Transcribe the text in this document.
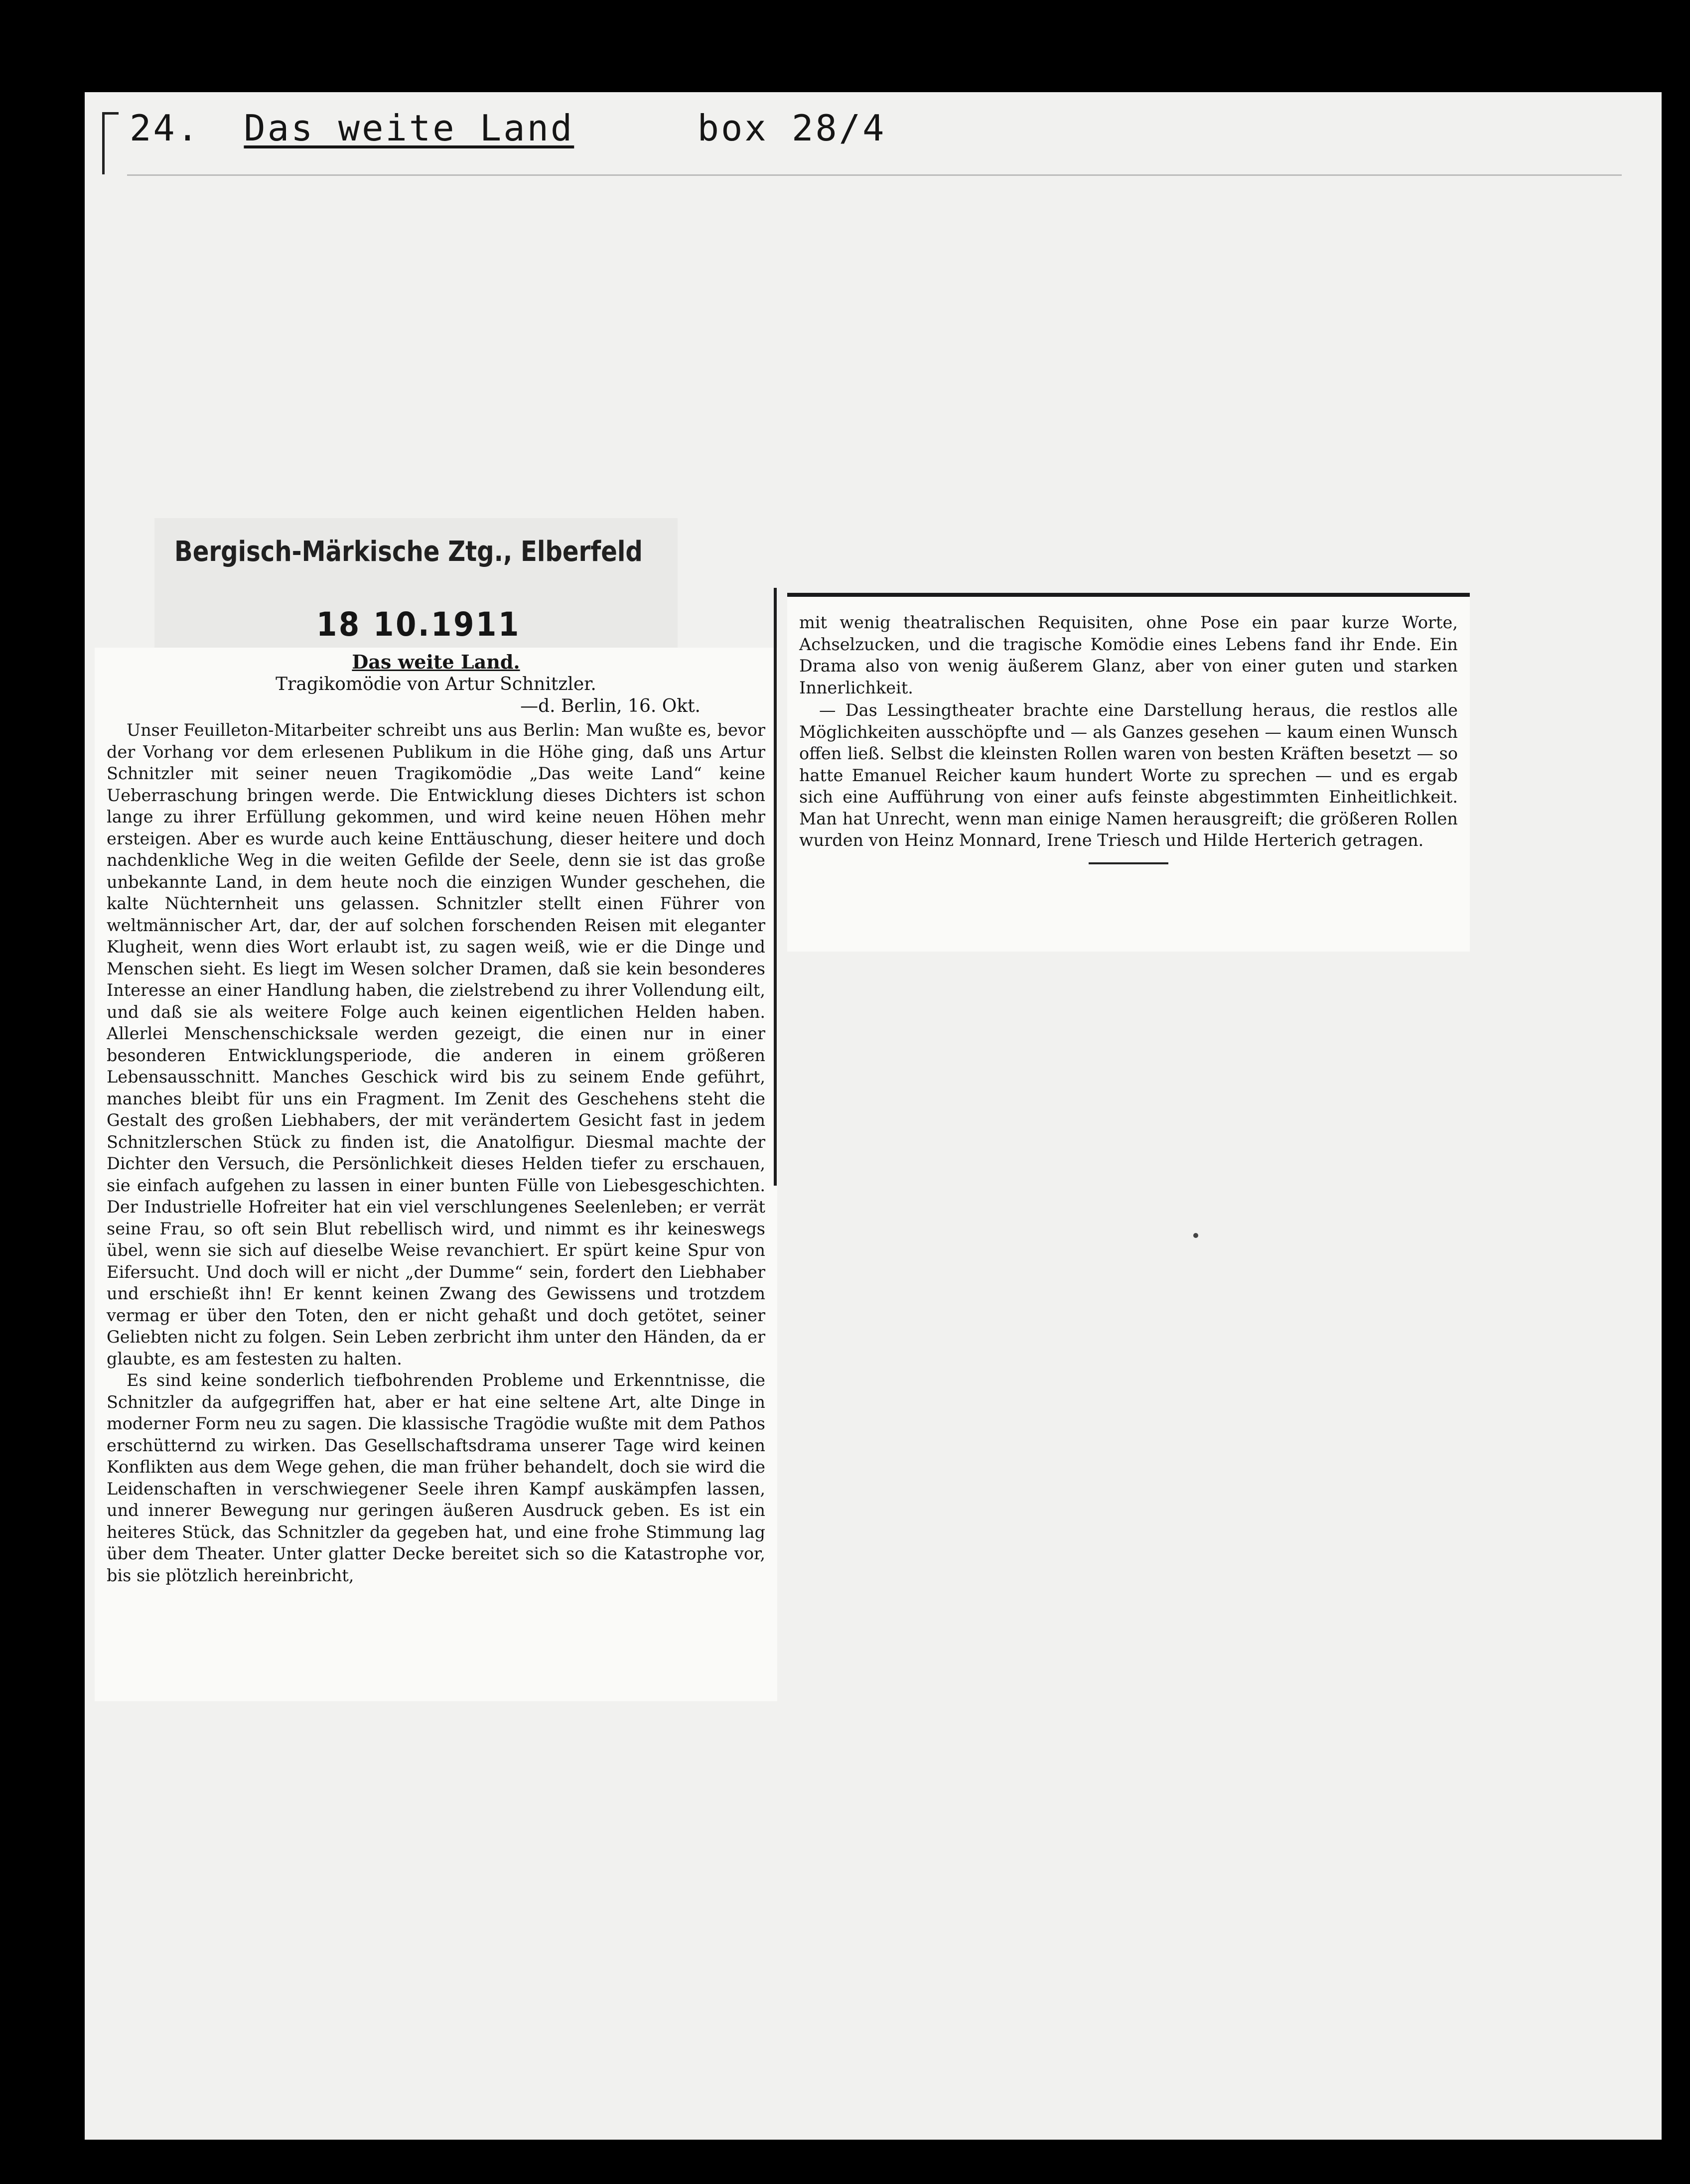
24. Das weite Land	box 28/4
Bergisch-Märkische Ztg., Elberfeld

Das weite Land.

Tragikomödie von Artur Schnitzler.

—d. Berlin, 16. Okt.

Unser Feuilleton-Mitarbeiter schreibt uns aus Berlin: Man wußte es, bevor der Vorhang vor dem erlesenen Publikum in die Höhe ging, daß uns Artur Schnitzler mit seiner neuen Tragikomödie „Das weite Land“ keine Ueberraschung bringen werde. Die Entwicklung dieses Dichters ist schon lange zu ihrer Erfüllung gekommen, und wird keine neuen Höhen mehr ersteigen. Aber es wurde auch keine Enttäuschung, dieser heitere und doch nachdenkliche Weg in die weiten Gefilde der Seele, denn sie ist das große unbekannte Land, in dem heute noch die einzigen Wunder geschehen, die kalte Nüchternheit uns gelassen. Schnitzler stellt einen Führer von weltmännischer Art, dar, der auf solchen forschenden Reisen mit eleganter Klugheit, wenn dies Wort erlaubt ist, zu sagen weiß, wie er die Dinge und Menschen sieht. Es liegt im Wesen solcher Dramen, daß sie kein besonderes Interesse an einer Handlung haben, die zielstrebend zu ihrer Vollendung eilt, und daß sie als weitere Folge auch keinen eigentlichen Helden haben. Allerlei Menschenschicksale werden gezeigt, die einen nur in einer besonderen Entwicklungsperiode, die anderen in einem größeren Lebensausschnitt. Manches Geschick wird bis zu seinem Ende geführt, manches bleibt für uns ein Fragment. Im Zenit des Geschehens steht die Gestalt des großen Liebhabers, der mit verändertem Gesicht fast in jedem Schnitzlerschen Stück zu finden ist, die Anatolfigur. Diesmal machte der Dichter den Versuch, die Persönlichkeit dieses Helden tiefer zu erschauen, sie einfach aufgehen zu lassen in einer bunten Fülle von Liebesgeschichten. Der Industrielle Hofreiter hat ein viel verschlungenes Seelenleben; er verrät seine Frau, so oft sein Blut rebellisch wird, und nimmt es ihr keineswegs übel, wenn sie sich auf dieselbe Weise revanchiert. Er spürt keine Spur von Eifersucht. Und doch will er nicht „der Dumme“ sein, fordert den Liebhaber und erschießt ihn! Er kennt keinen Zwang des Gewissens und trotzdem vermag er über den Toten, den er nicht gehaßt und doch getötet, seiner Geliebten nicht zu folgen. Sein Leben zerbricht ihm unter den Händen, da er glaubte, es am festesten zu halten.

Es sind keine sonderlich tiefbohrenden Probleme und Erkenntnisse, die Schnitzler da aufgegriffen hat, aber er hat eine seltene Art, alte Dinge in moderner Form neu zu sagen. Die klassische Tragödie wußte mit dem Pathos erschütternd zu wirken. Das Gesellschaftsdrama unserer Tage wird keinen Konflikten aus dem Wege gehen, die man früher behandelt, doch sie wird die Leidenschaften in verschwiegener Seele ihren Kampf auskämpfen lassen, und innerer Bewegung nur geringen äußeren Ausdruck geben. Es ist ein heiteres Stück, das Schnitzler da gegeben hat, und eine frohe Stimmung lag über dem Theater. Unter glatter Decke bereitet sich so die Katastrophe vor, bis sie plötzlich hereinbricht,

18 10.1911	mit wenig theatralischen Requisiten, ohne Pose ein paar kurze Worte, Achselzucken, und die tragische Komödie eines Lebens fand ihr Ende. Ein Drama also von wenig äußerem Glanz, aber von einer guten und starken Innerlichkeit.

— Das Lessingtheater brachte eine Darstellung heraus, die restlos alle Möglichkeiten ausschöpfte und — als Ganzes gesehen — kaum einen Wunsch offen ließ. Selbst die kleinsten Rollen waren von besten Kräften besetzt — so hatte Emanuel Reicher kaum hundert Worte zu sprechen — und es ergab sich eine Aufführung von einer aufs feinste abgestimmten Einheitlichkeit. Man hat Unrecht, wenn man einige Namen herausgreift; die größeren Rollen wurden von Heinz Monnard, Irene Triesch und Hilde Herterich getragen.
